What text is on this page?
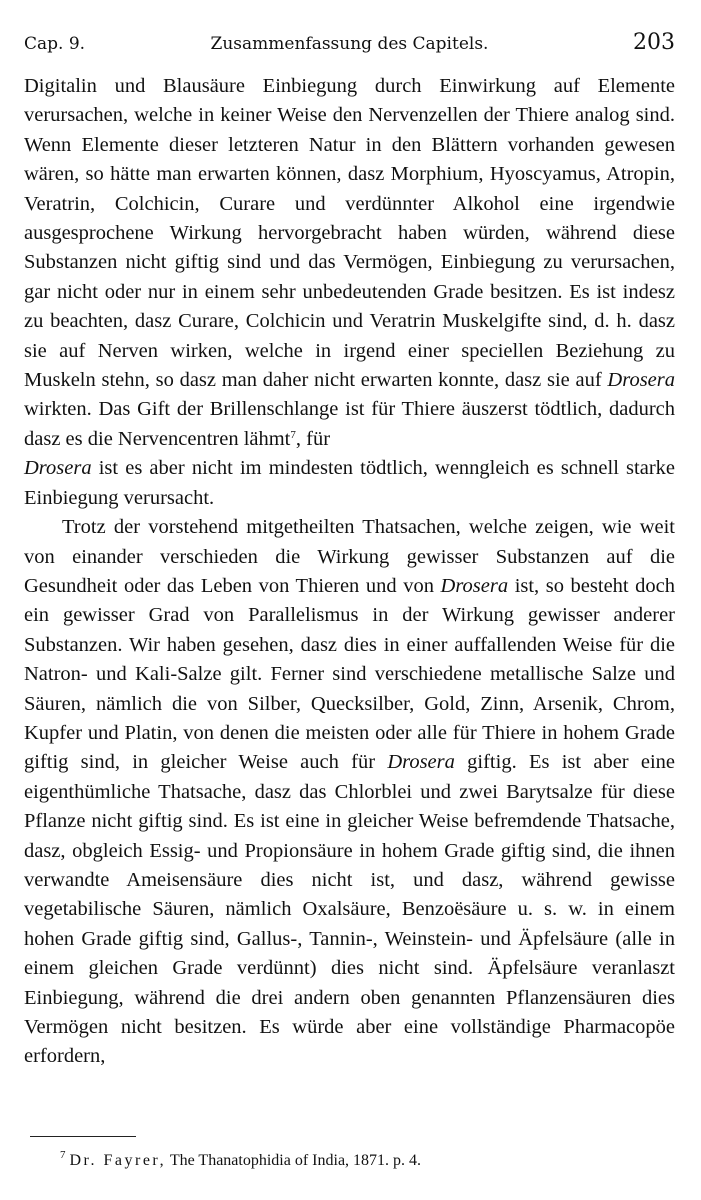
Cap. 9.	Zusammenfassung des Capitels.	203

Digitalin und Blausäure Einbiegung durch Einwirkung auf Elemente verursachen, welche in keiner Weise den Nervenzellen der Thiere analog sind. Wenn Elemente dieser letzteren Natur in den Blättern vorhanden gewesen wären, so hätte man erwarten können, dasz Morphium, Hyoscyamus, Atropin, Veratrin, Colchicin, Curare und verdünnter Alkohol eine irgendwie ausgesprochene Wirkung hervorgebracht haben würden, während diese Substanzen nicht giftig sind und das Vermögen, Einbiegung zu verursachen, gar nicht oder nur in einem sehr unbedeutenden Grade besitzen. Es ist indesz zu beachten, dasz Curare, Colchicin und Veratrin Muskelgifte sind, d. h. dasz sie auf Nerven wirken, welche in irgend einer speciellen Beziehung zu Muskeln stehn, so dasz man daher nicht erwarten konnte, dasz sie auf Drosera wirkten. Das Gift der Brillenschlange ist für Thiere äuszerst tödtlich, dadurch dasz es die Nervencentren lähmt$^7$, für
Drosera ist es aber nicht im mindesten tödtlich, wenngleich es schnell starke Einbiegung verursacht.

Trotz der vorstehend mitgetheilten Thatsachen, welche zeigen, wie weit von einander verschieden die Wirkung gewisser Substanzen auf die Gesundheit oder das Leben von Thieren und von Drosera ist, so besteht doch ein gewisser Grad von Parallelismus in der Wirkung gewisser anderer Substanzen. Wir haben gesehen, dasz dies in einer auffallenden Weise für die Natron- und Kali-Salze gilt. Ferner sind verschiedene metallische Salze und Säuren, nämlich die von Silber, Quecksilber, Gold, Zinn, Arsenik, Chrom, Kupfer und Platin, von denen die meisten oder alle für Thiere in hohem Grade giftig sind, in gleicher Weise auch für Drosera giftig. Es ist aber eine eigenthümliche Thatsache, dasz das Chlorblei und zwei Barytsalze für diese Pflanze nicht giftig sind. Es ist eine in gleicher Weise befremdende Thatsache, dasz, obgleich Essig- und Propionsäure in hohem Grade giftig sind, die ihnen verwandte Ameisensäure dies nicht ist, und dasz, während gewisse vegetabilische Säuren, nämlich Oxalsäure, Benzoësäure u. s. w. in einem hohen Grade giftig sind, Gallus-, Tannin-, Weinstein- und Äpfelsäure (alle in einem gleichen Grade verdünnt) dies nicht sind. Äpfelsäure veranlaszt Einbiegung, während die drei andern oben genannten Pflanzensäuren dies Vermögen nicht besitzen. Es würde aber eine vollständige Pharmacopöe erfordern,

$^7$ Dr. Fayrer, The Thanatophidia of India, 1871. p. 4.
